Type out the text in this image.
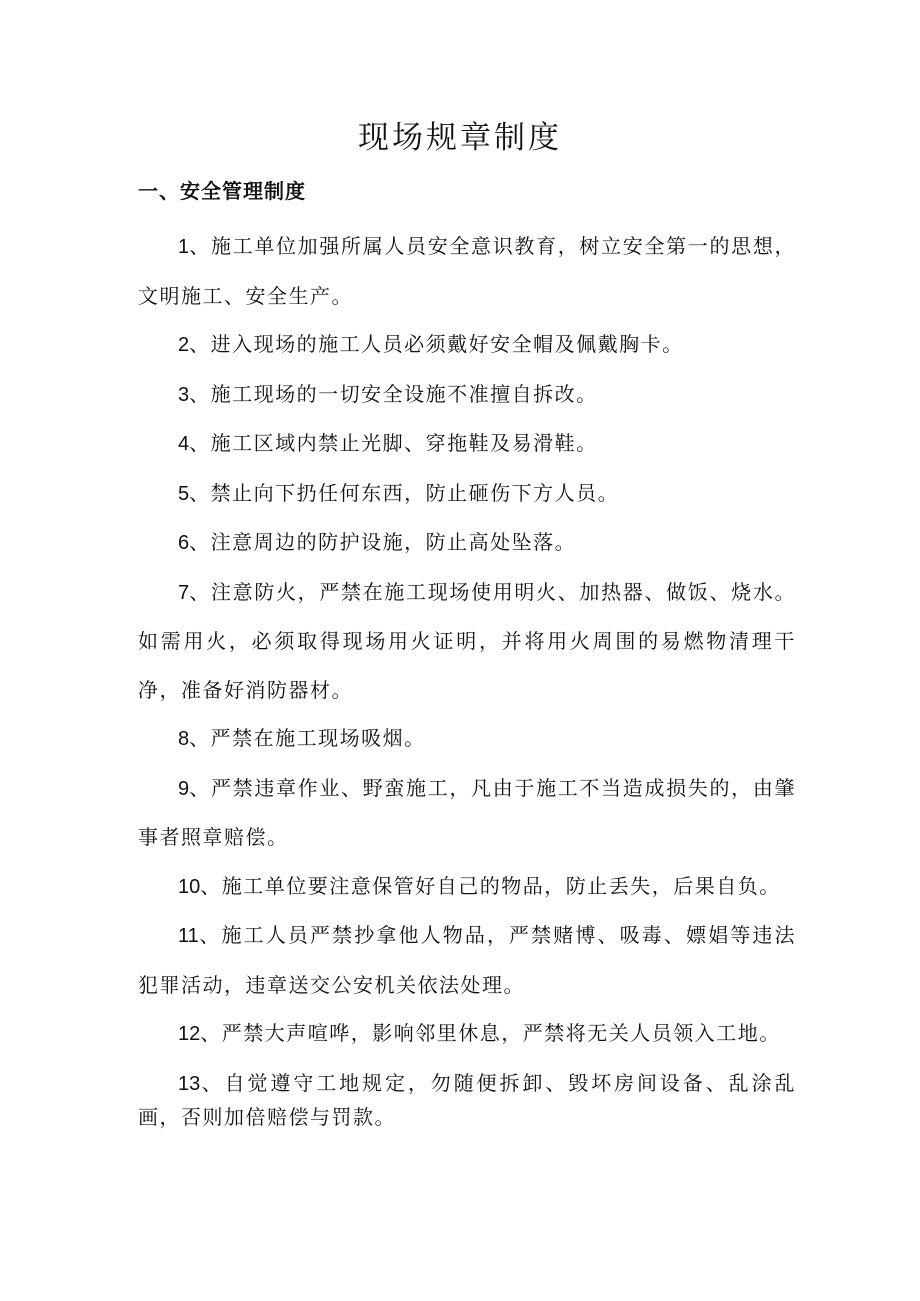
现场规章制度
一、安全管理制度
1、施工单位加强所属人员安全意识教育，树立安全第一的思想，文明施工、安全生产。
2、进入现场的施工人员必须戴好安全帽及佩戴胸卡。
3、施工现场的一切安全设施不准擅自拆改。
4、施工区域内禁止光脚、穿拖鞋及易滑鞋。
5、禁止向下扔任何东西，防止砸伤下方人员。
6、注意周边的防护设施，防止高处坠落。
7、注意防火，严禁在施工现场使用明火、加热器、做饭、烧水。如需用火，必须取得现场用火证明，并将用火周围的易燃物清理干净，准备好消防器材。
8、严禁在施工现场吸烟。
9、严禁违章作业、野蛮施工，凡由于施工不当造成损失的，由肇事者照章赔偿。
10、施工单位要注意保管好自己的物品，防止丢失，后果自负。
11、施工人员严禁抄拿他人物品，严禁赌博、吸毒、嫖娼等违法犯罪活动，违章送交公安机关依法处理。
12、严禁大声喧哗，影响邻里休息，严禁将无关人员领入工地。
13、自觉遵守工地规定，勿随便拆卸、毁坏房间设备、乱涂乱画，否则加倍赔偿与罚款。
